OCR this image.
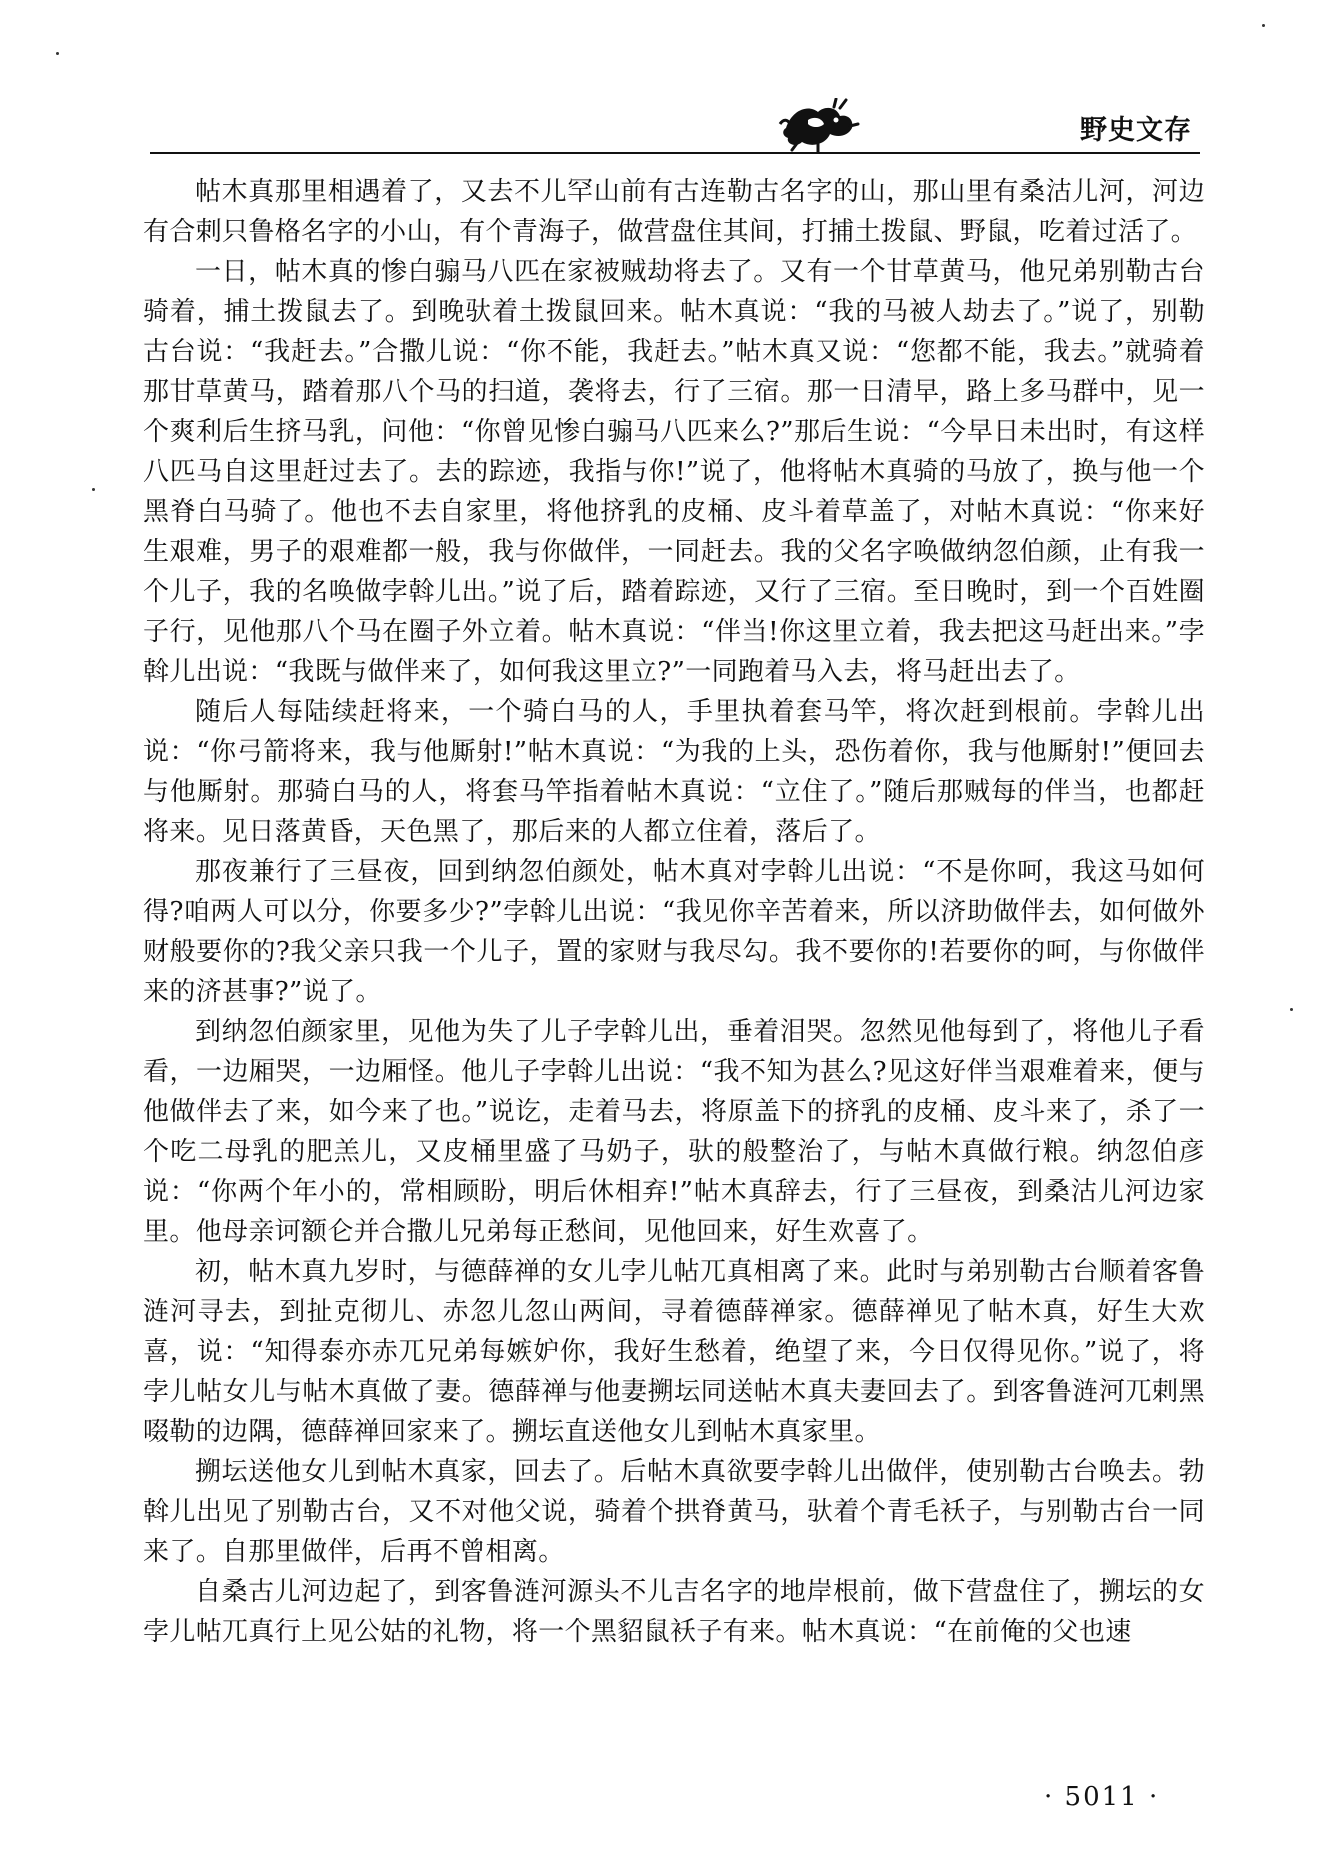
野史文存

帖木真那里相遇着了，又去不儿罕山前有古连勒古名字的山，那山里有桑沽儿河，河边有合剌只鲁格名字的小山，有个青海子，做营盘住其间，打捕土拨鼠、野鼠，吃着过活了。

一日，帖木真的惨白骟马八匹在家被贼劫将去了。又有一个甘草黄马，他兄弟别勒古台骑着，捕土拨鼠去了。到晚驮着土拨鼠回来。帖木真说：“我的马被人劫去了。”说了，别勒古台说：“我赶去。”合撒儿说：“你不能，我赶去。”帖木真又说：“您都不能，我去。”就骑着那甘草黄马，踏着那八个马的扫道，袭将去，行了三宿。那一日清早，路上多马群中，见一个爽利后生挤马乳，问他：“你曾见惨白骟马八匹来么?”那后生说：“今早日未出时，有这样八匹马自这里赶过去了。去的踪迹，我指与你!”说了，他将帖木真骑的马放了，换与他一个黑脊白马骑了。他也不去自家里，将他挤乳的皮桶、皮斗着草盖了，对帖木真说：“你来好生艰难，男子的艰难都一般，我与你做伴，一同赶去。我的父名字唤做纳忽伯颜，止有我一个儿子，我的名唤做孛斡儿出。”说了后，踏着踪迹，又行了三宿。至日晚时，到一个百姓圈子行，见他那八个马在圈子外立着。帖木真说：“伴当!你这里立着，我去把这马赶出来。”孛斡儿出说：“我既与做伴来了，如何我这里立?”一同跑着马入去，将马赶出去了。

随后人每陆续赶将来，一个骑白马的人，手里执着套马竿，将次赶到根前。孛斡儿出说：“你弓箭将来，我与他厮射!”帖木真说：“为我的上头，恐伤着你，我与他厮射!”便回去与他厮射。那骑白马的人，将套马竿指着帖木真说：“立住了。”随后那贼每的伴当，也都赶将来。见日落黄昏，天色黑了，那后来的人都立住着，落后了。

那夜兼行了三昼夜，回到纳忽伯颜处，帖木真对孛斡儿出说：“不是你呵，我这马如何得?咱两人可以分，你要多少?”孛斡儿出说：“我见你辛苦着来，所以济助做伴去，如何做外财般要你的?我父亲只我一个儿子，置的家财与我尽勾。我不要你的!若要你的呵，与你做伴来的济甚事?”说了。

到纳忽伯颜家里，见他为失了儿子孛斡儿出，垂着泪哭。忽然见他每到了，将他儿子看看，一边厢哭，一边厢怪。他儿子孛斡儿出说：“我不知为甚么?见这好伴当艰难着来，便与他做伴去了来，如今来了也。”说讫，走着马去，将原盖下的挤乳的皮桶、皮斗来了，杀了一个吃二母乳的肥羔儿，又皮桶里盛了马奶子，驮的般整治了，与帖木真做行粮。纳忽伯彦说：“你两个年小的，常相顾盼，明后休相弃!”帖木真辞去，行了三昼夜，到桑沽儿河边家里。他母亲诃额仑并合撒儿兄弟每正愁间，见他回来，好生欢喜了。

初，帖木真九岁时，与德薛禅的女儿孛儿帖兀真相离了来。此时与弟别勒古台顺着客鲁涟河寻去，到扯克彻儿、赤忽儿忽山两间，寻着德薛禅家。德薛禅见了帖木真，好生大欢喜，说：“知得泰亦赤兀兄弟每嫉妒你，我好生愁着，绝望了来，今日仅得见你。”说了，将孛儿帖女儿与帖木真做了妻。德薛禅与他妻搠坛同送帖木真夫妻回去了。到客鲁涟河兀剌黑啜勒的边隅，德薛禅回家来了。搠坛直送他女儿到帖木真家里。

搠坛送他女儿到帖木真家，回去了。后帖木真欲要孛斡儿出做伴，使别勒古台唤去。勃斡儿出见了别勒古台，又不对他父说，骑着个拱脊黄马，驮着个青毛袄子，与别勒古台一同来了。自那里做伴，后再不曾相离。

自桑古儿河边起了，到客鲁涟河源头不儿吉名字的地岸根前，做下营盘住了，搠坛的女孛儿帖兀真行上见公姑的礼物，将一个黑貂鼠袄子有来。帖木真说：“在前俺的父也速

· 5011 ·
